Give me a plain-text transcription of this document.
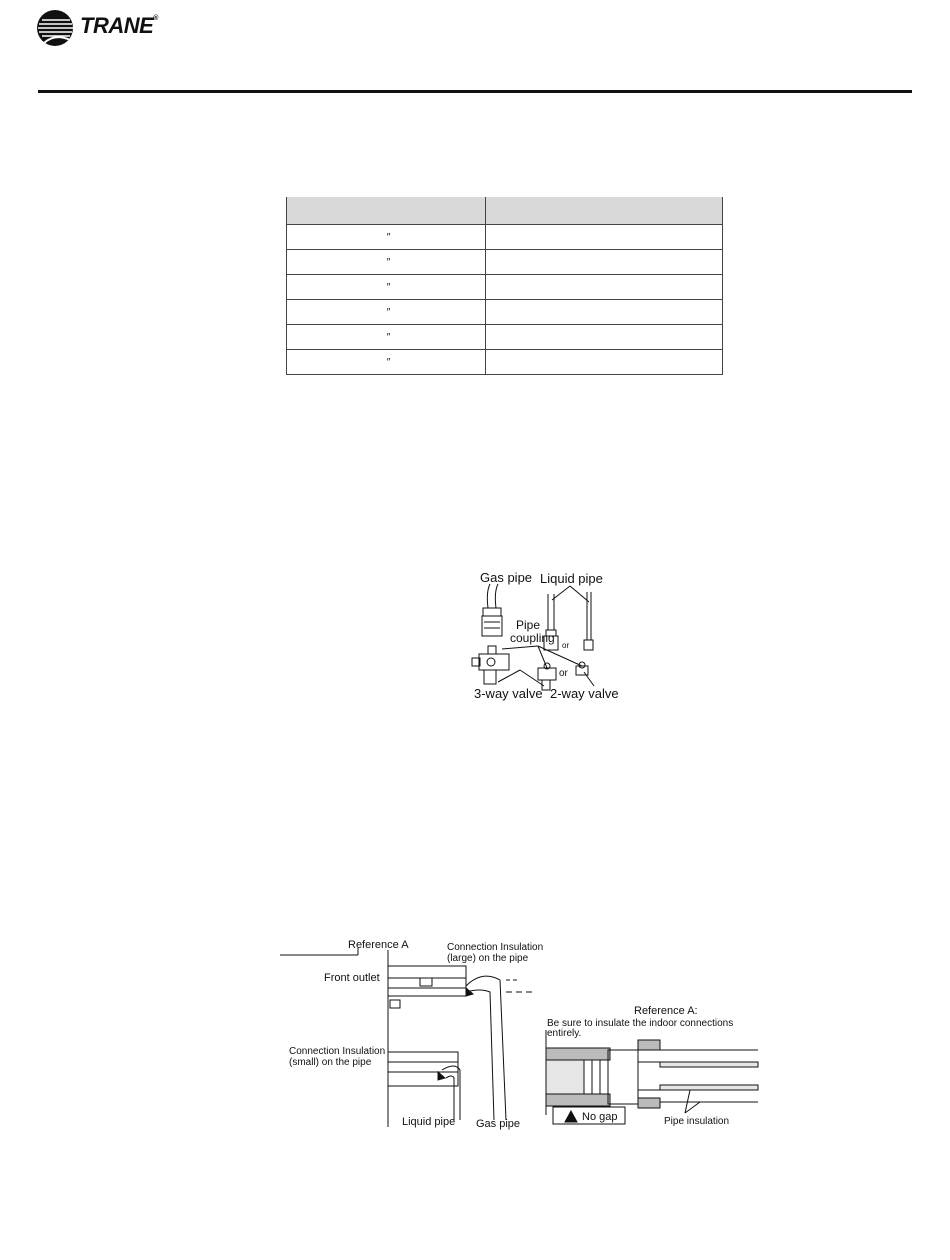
TRANE®

″	
″	
″	
″	
″	
″	
Gas pipe Liquid pipe
Pipe
coupling
or
or
3-way valve 2-way valve
Reference A	Connection Insulation
(large) on the pipe
Front outlet
Connection Insulation
(small) on the pipe
Liquid pipe Gas pipe
Reference A:
Be sure to insulate the indoor connections
entirely.
No gap	Pipe insulation
